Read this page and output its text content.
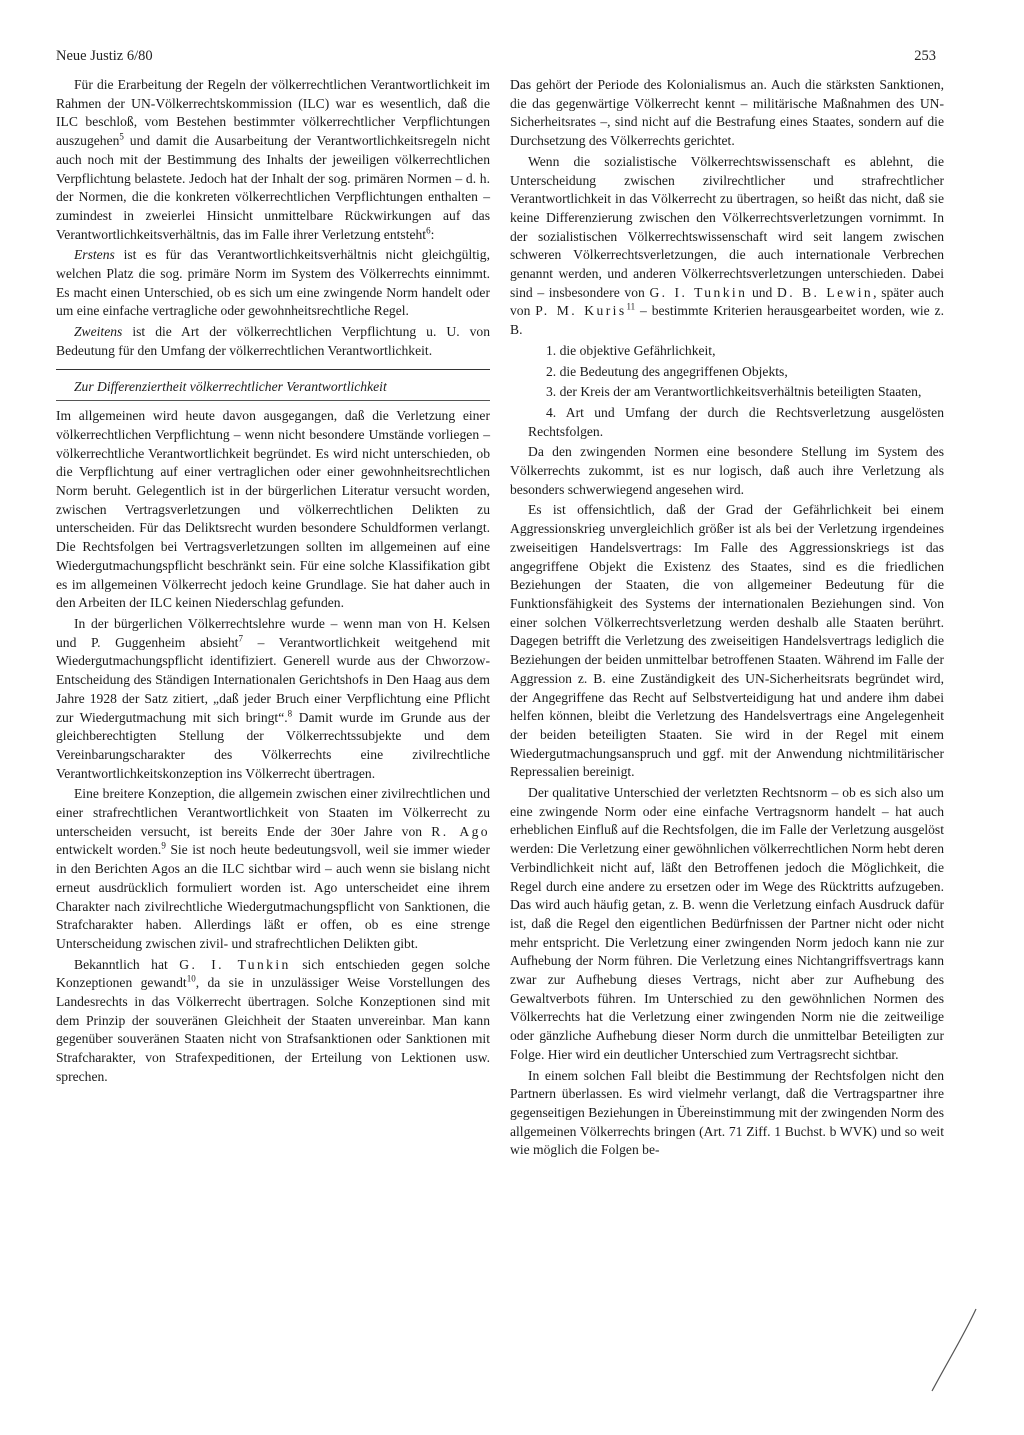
Neue Justiz 6/80	253

Für die Erarbeitung der Regeln der völkerrechtlichen Verantwortlichkeit im Rahmen der UN-Völkerrechtskommission (ILC) war es wesentlich, daß die ILC beschloß, vom Bestehen bestimmter völkerrechtlicher Verpflichtungen auszugehen$^5$ und damit die Ausarbeitung der Verantwortlichkeitsregeln nicht auch noch mit der Bestimmung des Inhalts der jeweiligen völkerrechtlichen Verpflichtung belastete. Jedoch hat der Inhalt der sog. primären Normen – d. h. der Normen, die die konkreten völkerrechtlichen Verpflichtungen enthalten – zumindest in zweierlei Hinsicht unmittelbare Rückwirkungen auf das Verantwortlichkeitsverhältnis, das im Falle ihrer Verletzung entsteht$^6$:

Erstens ist es für das Verantwortlichkeitsverhältnis nicht gleichgültig, welchen Platz die sog. primäre Norm im System des Völkerrechts einnimmt. Es macht einen Unterschied, ob es sich um eine zwingende Norm handelt oder um eine einfache vertragliche oder gewohnheitsrechtliche Regel.

Zweitens ist die Art der völkerrechtlichen Verpflichtung u. U. von Bedeutung für den Umfang der völkerrechtlichen Verantwortlichkeit.

Zur Differenziertheit völkerrechtlicher Verantwortlichkeit

Im allgemeinen wird heute davon ausgegangen, daß die Verletzung einer völkerrechtlichen Verpflichtung – wenn nicht besondere Umstände vorliegen – völkerrechtliche Verantwortlichkeit begründet. Es wird nicht unterschieden, ob die Verpflichtung auf einer vertraglichen oder einer gewohnheitsrechtlichen Norm beruht. Gelegentlich ist in der bürgerlichen Literatur versucht worden, zwischen Vertragsverletzungen und völkerrechtlichen Delikten zu unterscheiden. Für das Deliktsrecht wurden besondere Schuldformen verlangt. Die Rechtsfolgen bei Vertragsverletzungen sollten im allgemeinen auf eine Wiedergutmachungspflicht beschränkt sein. Für eine solche Klassifikation gibt es im allgemeinen Völkerrecht jedoch keine Grundlage. Sie hat daher auch in den Arbeiten der ILC keinen Niederschlag gefunden.

In der bürgerlichen Völkerrechtslehre wurde – wenn man von H. Kelsen und P. Guggenheim absieht$^7$ – Verantwortlichkeit weitgehend mit Wiedergutmachungspflicht identifiziert. Generell wurde aus der Chworzow-Entscheidung des Ständigen Internationalen Gerichtshofs in Den Haag aus dem Jahre 1928 der Satz zitiert, „daß jeder Bruch einer Verpflichtung eine Pflicht zur Wiedergutmachung mit sich bringt“.$^8$ Damit wurde im Grunde aus der gleichberechtigten Stellung der Völkerrechtssubjekte und dem Vereinbarungscharakter des Völkerrechts eine zivilrechtliche Verantwortlichkeitskonzeption ins Völkerrecht übertragen.

Eine breitere Konzeption, die allgemein zwischen einer zivilrechtlichen und einer strafrechtlichen Verantwortlichkeit von Staaten im Völkerrecht zu unterscheiden versucht, ist bereits Ende der 30er Jahre von R. Ago entwickelt worden.$^9$ Sie ist noch heute bedeutungsvoll, weil sie immer wieder in den Berichten Agos an die ILC sichtbar wird – auch wenn sie bislang nicht erneut ausdrücklich formuliert worden ist. Ago unterscheidet eine ihrem Charakter nach zivilrechtliche Wiedergutmachungspflicht von Sanktionen, die Strafcharakter haben. Allerdings läßt er offen, ob es eine strenge Unterscheidung zwischen zivil- und strafrechtlichen Delikten gibt.

Bekanntlich hat G. I. Tunkin sich entschieden gegen solche Konzeptionen gewandt$^{10}$, da sie in unzulässiger Weise Vorstellungen des Landesrechts in das Völkerrecht übertragen. Solche Konzeptionen sind mit dem Prinzip der souveränen Gleichheit der Staaten unvereinbar. Man kann gegenüber souveränen Staaten nicht von Strafsanktionen oder Sanktionen mit Strafcharakter, von Strafexpeditionen, der Erteilung von Lektionen usw. sprechen.

Das gehört der Periode des Kolonialismus an. Auch die stärksten Sanktionen, die das gegenwärtige Völkerrecht kennt – militärische Maßnahmen des UN-Sicherheitsrates –, sind nicht auf die Bestrafung eines Staates, sondern auf die Durchsetzung des Völkerrechts gerichtet.

Wenn die sozialistische Völkerrechtswissenschaft es ablehnt, die Unterscheidung zwischen zivilrechtlicher und strafrechtlicher Verantwortlichkeit in das Völkerrecht zu übertragen, so heißt das nicht, daß sie keine Differenzierung zwischen den Völkerrechtsverletzungen vornimmt. In der sozialistischen Völkerrechtswissenschaft wird seit langem zwischen schweren Völkerrechtsverletzungen, die auch internationale Verbrechen genannt werden, und anderen Völkerrechtsverletzungen unterschieden. Dabei sind – insbesondere von G. I. Tunkin und D. B. Lewin, später auch von P. M. Kuris$^{11}$ – bestimmte Kriterien herausgearbeitet worden, wie z. B.

1. die objektive Gefährlichkeit,

2. die Bedeutung des angegriffenen Objekts,

3. der Kreis der am Verantwortlichkeitsverhältnis beteiligten Staaten,

4. Art und Umfang der durch die Rechtsverletzung ausgelösten Rechtsfolgen.

Da den zwingenden Normen eine besondere Stellung im System des Völkerrechts zukommt, ist es nur logisch, daß auch ihre Verletzung als besonders schwerwiegend angesehen wird.

Es ist offensichtlich, daß der Grad der Gefährlichkeit bei einem Aggressionskrieg unvergleichlich größer ist als bei der Verletzung irgendeines zweiseitigen Handelsvertrags: Im Falle des Aggressionskriegs ist das angegriffene Objekt die Existenz des Staates, sind es die friedlichen Beziehungen der Staaten, die von allgemeiner Bedeutung für die Funktionsfähigkeit des Systems der internationalen Beziehungen sind. Von einer solchen Völkerrechtsverletzung werden deshalb alle Staaten berührt. Dagegen betrifft die Verletzung des zweiseitigen Handelsvertrags lediglich die Beziehungen der beiden unmittelbar betroffenen Staaten. Während im Falle der Aggression z. B. eine Zuständigkeit des UN-Sicherheitsrats begründet wird, der Angegriffene das Recht auf Selbstverteidigung hat und andere ihm dabei helfen können, bleibt die Verletzung des Handelsvertrags eine Angelegenheit der beiden beteiligten Staaten. Sie wird in der Regel mit einem Wiedergutmachungsanspruch und ggf. mit der Anwendung nichtmilitärischer Repressalien bereinigt.

Der qualitative Unterschied der verletzten Rechtsnorm – ob es sich also um eine zwingende Norm oder eine einfache Vertragsnorm handelt – hat auch erheblichen Einfluß auf die Rechtsfolgen, die im Falle der Verletzung ausgelöst werden: Die Verletzung einer gewöhnlichen völkerrechtlichen Norm hebt deren Verbindlichkeit nicht auf, läßt den Betroffenen jedoch die Möglichkeit, die Regel durch eine andere zu ersetzen oder im Wege des Rücktritts aufzugeben. Das wird auch häufig getan, z. B. wenn die Verletzung einfach Ausdruck dafür ist, daß die Regel den eigentlichen Bedürfnissen der Partner nicht oder nicht mehr entspricht. Die Verletzung einer zwingenden Norm jedoch kann nie zur Aufhebung der Norm führen. Die Verletzung eines Nichtangriffsvertrags kann zwar zur Aufhebung dieses Vertrags, nicht aber zur Aufhebung des Gewaltverbots führen. Im Unterschied zu den gewöhnlichen Normen des Völkerrechts hat die Verletzung einer zwingenden Norm nie die zeitweilige oder gänzliche Aufhebung dieser Norm durch die unmittelbar Beteiligten zur Folge. Hier wird ein deutlicher Unterschied zum Vertragsrecht sichtbar.

In einem solchen Fall bleibt die Bestimmung der Rechtsfolgen nicht den Partnern überlassen. Es wird vielmehr verlangt, daß die Vertragspartner ihre gegenseitigen Beziehungen in Übereinstimmung mit der zwingenden Norm des allgemeinen Völkerrechts bringen (Art. 71 Ziff. 1 Buchst. b WVK) und so weit wie möglich die Folgen be-
